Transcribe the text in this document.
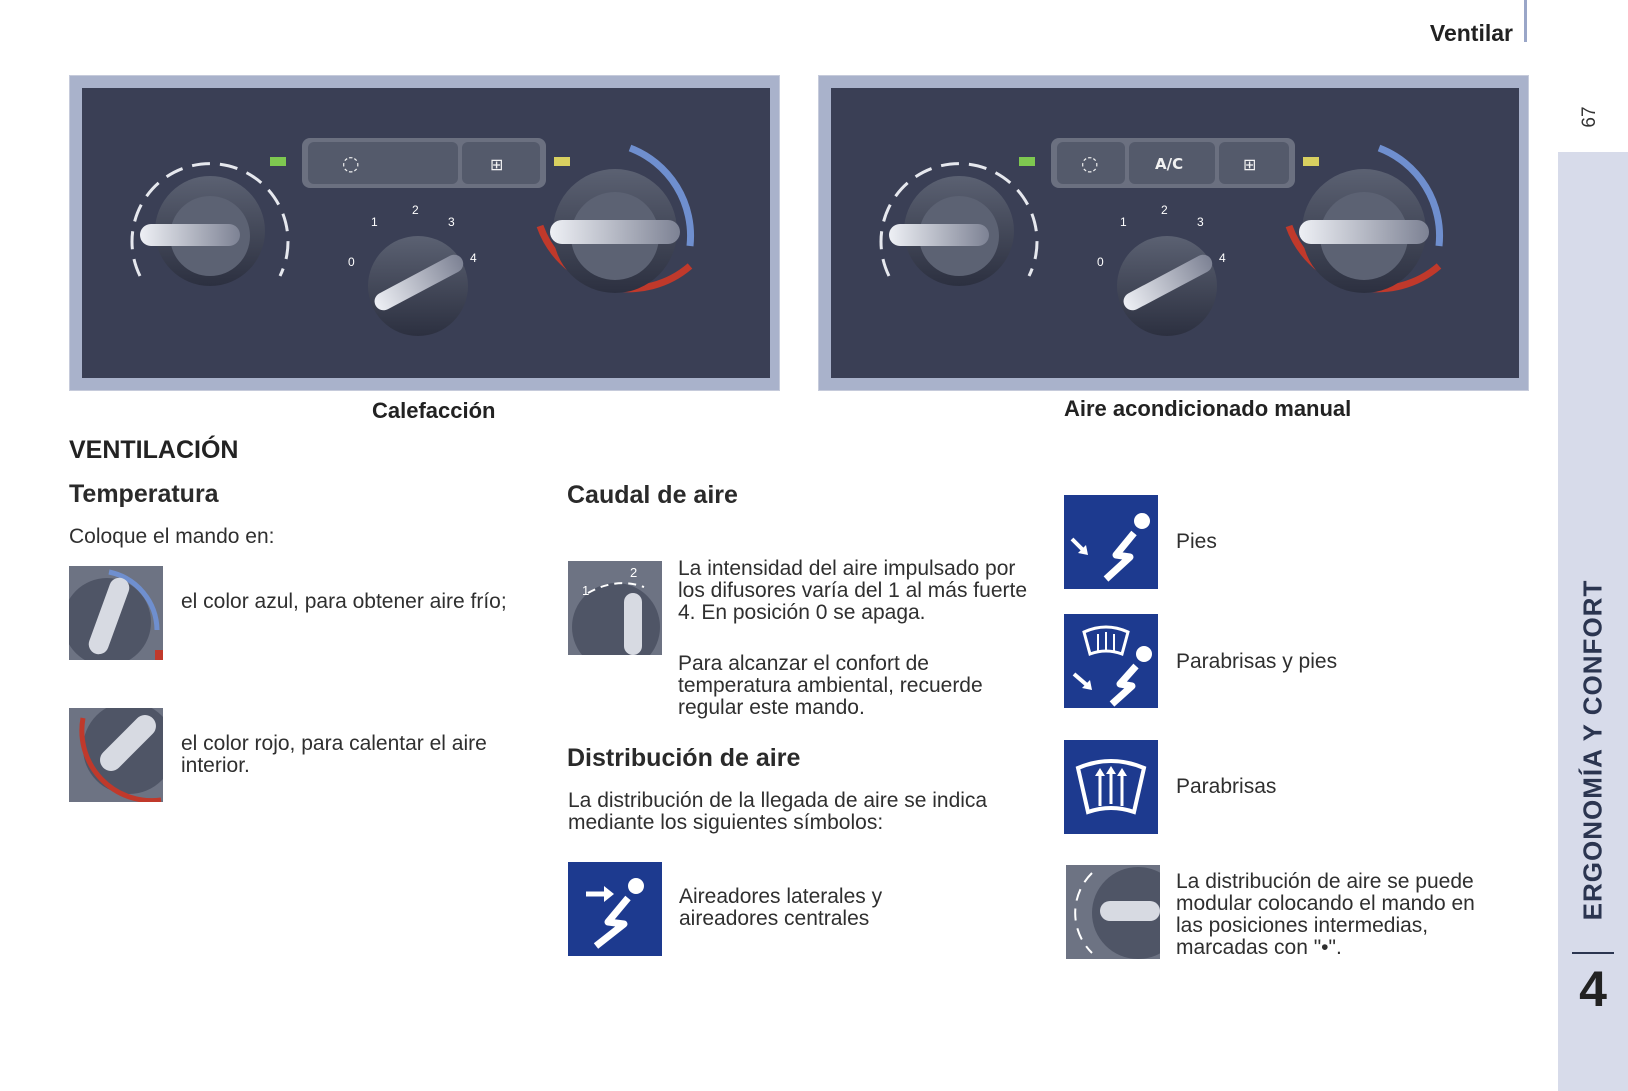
Ventilar
67
ERGONOMÍA Y CONFORT
4
◌	⊞
0
1
2
3
4
Calefacción
◌	A/C	⊞
0
1
2
3
4
Aire acondicionado manual
VENTILACIÓN
Temperatura
Coloque el mando en:
el color azul, para obtener aire frío;
el color rojo, para calentar el aire interior.
Caudal de aire
1
2 La intensidad del aire impulsado por los difusores varía del 1 al más fuerte 4. En posición 0 se apaga.
Para alcanzar el confort de temperatura ambiental, recuerde regular este mando.
Distribución de aire
La distribución de la llegada de aire se indica mediante los siguientes símbolos:
Aireadores laterales y aireadores centrales
Pies
Parabrisas y pies
Parabrisas
La distribución de aire se puede modular colocando el mando en las posiciones intermedias, marcadas con "•".
